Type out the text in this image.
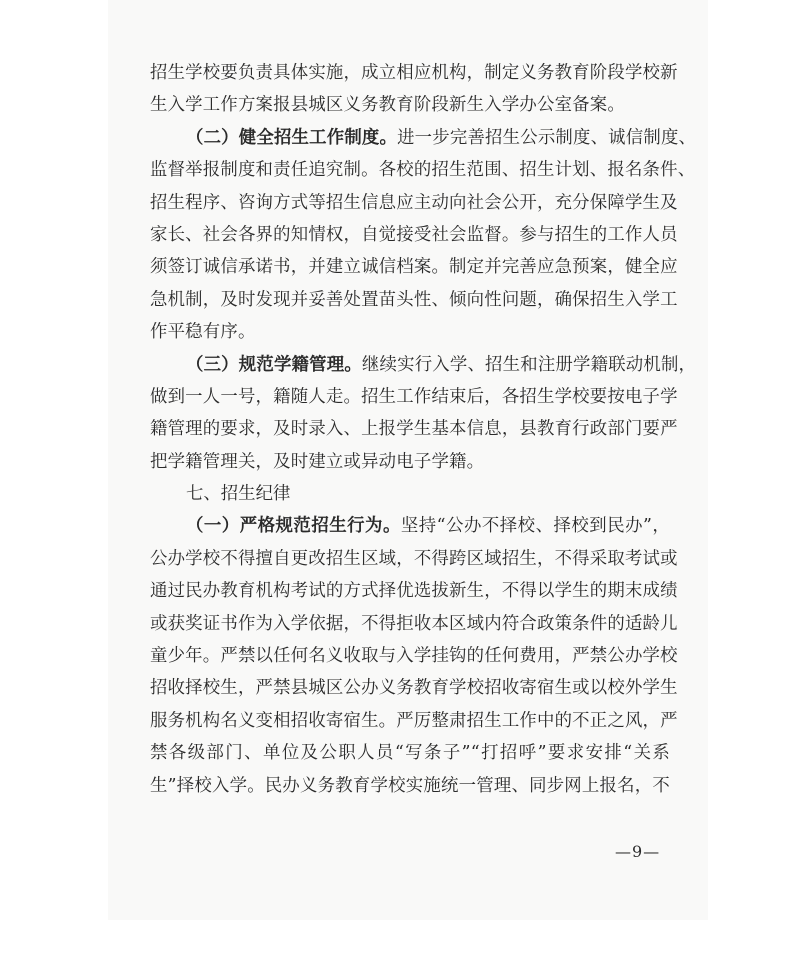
招生学校要负责具体实施，成立相应机构，制定义务教育阶段学校新
生入学工作方案报县城区义务教育阶段新生入学办公室备案。
（二）健全招生工作制度。进一步完善招生公示制度、诚信制度、
监督举报制度和责任追究制。各校的招生范围、招生计划、报名条件、
招生程序、咨询方式等招生信息应主动向社会公开，充分保障学生及
家长、社会各界的知情权，自觉接受社会监督。参与招生的工作人员
须签订诚信承诺书，并建立诚信档案。制定并完善应急预案，健全应
急机制，及时发现并妥善处置苗头性、倾向性问题，确保招生入学工
作平稳有序。
（三）规范学籍管理。继续实行入学、招生和注册学籍联动机制，
做到一人一号，籍随人走。招生工作结束后，各招生学校要按电子学
籍管理的要求，及时录入、上报学生基本信息，县教育行政部门要严
把学籍管理关，及时建立或异动电子学籍。
七、招生纪律
（一）严格规范招生行为。坚持“公办不择校、择校到民办”，
公办学校不得擅自更改招生区域，不得跨区域招生，不得采取考试或
通过民办教育机构考试的方式择优选拔新生，不得以学生的期末成绩
或获奖证书作为入学依据，不得拒收本区域内符合政策条件的适龄儿
童少年。严禁以任何名义收取与入学挂钩的任何费用，严禁公办学校
招收择校生，严禁县城区公办义务教育学校招收寄宿生或以校外学生
服务机构名义变相招收寄宿生。严厉整肃招生工作中的不正之风，严
禁各级部门、单位及公职人员“写条子”“打招呼”要求安排“关系
生”择校入学。民办义务教育学校实施统一管理、同步网上报名，不
—9—
